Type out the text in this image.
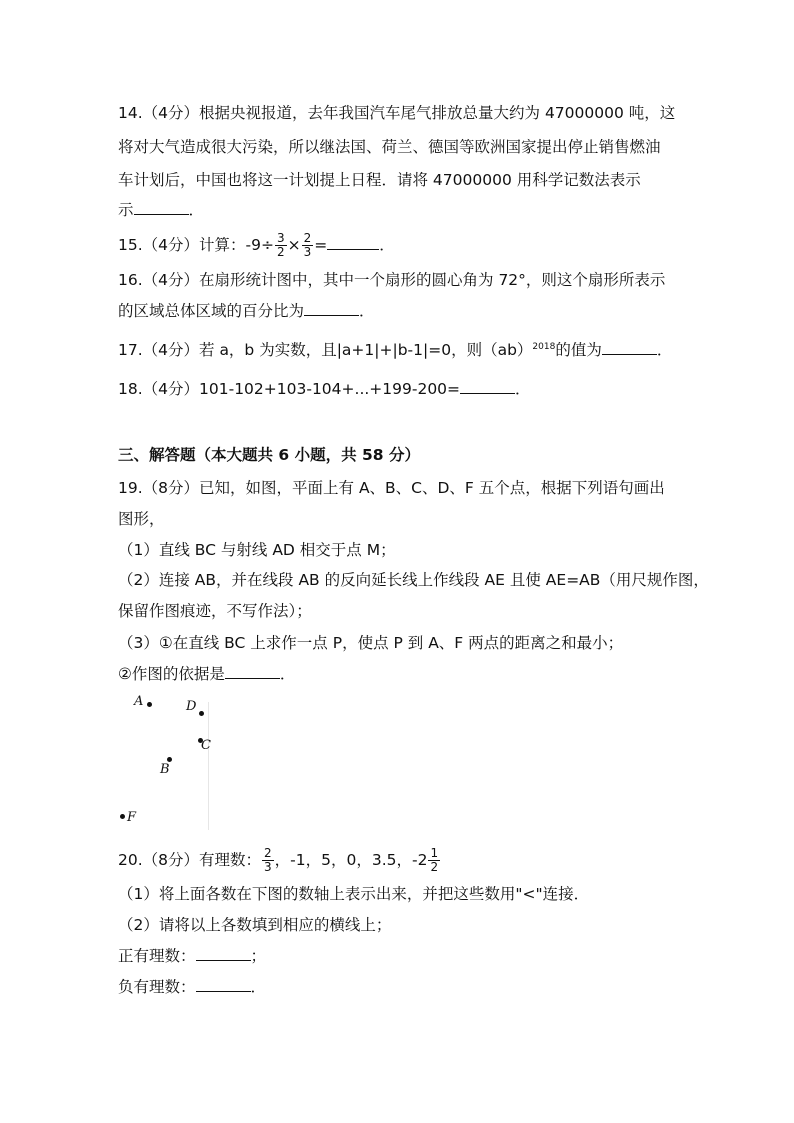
14.（4分）根据央视报道，去年我国汽车尾气排放总量大约为 47000000 吨，这
将对大气造成很大污染，所以继法国、荷兰、德国等欧洲国家提出停止销售燃油
车计划后，中国也将这一计划提上日程．请将 47000000 用科学记数法表示
示	．
15.（4分）计算：$-9\div \frac{3}{2} \times \frac{2}{3}$ =	．
16.（4分）在扇形统计图中，其中一个扇形的圆心角为 72°，则这个扇形所表示
的区域总体区域的百分比为	．
17.（4分）若 a，b 为实数，且|a+1|+|b-1|=0，则（ab）$^{2018}$的值为	．
18.（4分）101-102+103-104+...+199-200=	．
三、解答题（本大题共 6 小题，共 58 分）
19.（8分）已知，如图，平面上有 A、B、C、D、F 五个点，根据下列语句画出
图形，
（1）直线 BC 与射线 AD 相交于点 M；
（2）连接 AB，并在线段 AB 的反向延长线上作线段 AE 且使 AE=AB（用尺规作图，
保留作图痕迹，不写作法）；
（3）①在直线 BC 上求作一点 P，使点 P 到 A、F 两点的距离之和最小；
②作图的依据是	．
A	D
C
B
F
20.（8分）有理数： $\frac{2}{3}$ ，-1，5，0，3.5，$-2 \frac{1}{2}$
（1）将上面各数在下图的数轴上表示出来，并把这些数用"<"连接．
（2）请将以上各数填到相应的横线上；
正有理数：	；
负有理数：	．
